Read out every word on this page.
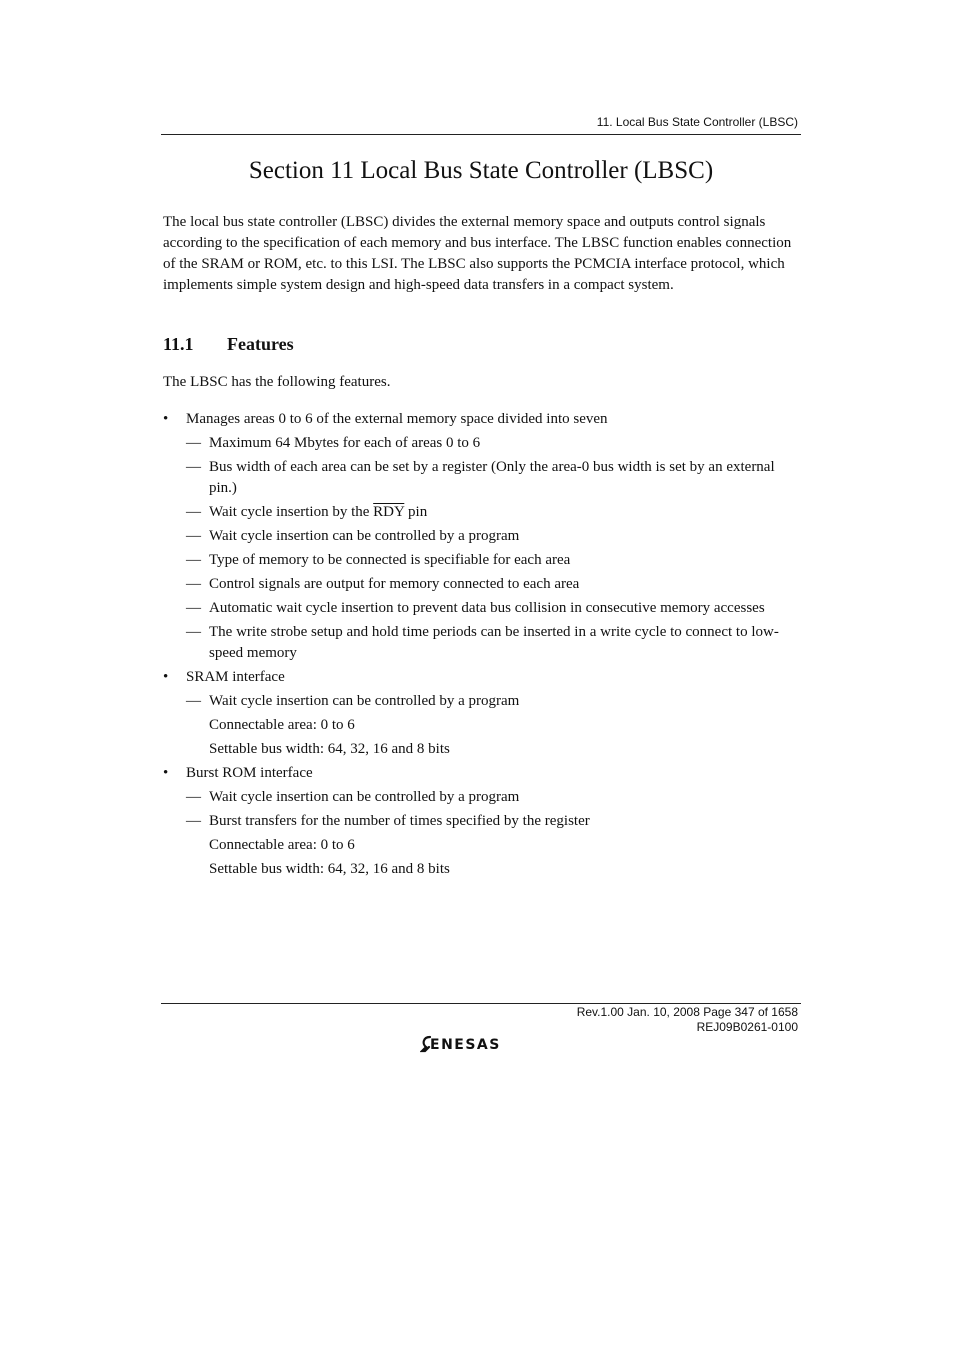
11. Local Bus State Controller (LBSC)
Section 11 Local Bus State Controller (LBSC)

The local bus state controller (LBSC) divides the external memory space and outputs control signals according to the specification of each memory and bus interface. The LBSC function enables connection of the SRAM or ROM, etc. to this LSI. The LBSC also supports the PCMCIA interface protocol, which implements simple system design and high-speed data transfers in a compact system.

11.1 Features

The LBSC has the following features.

• Manages areas 0 to 6 of the external memory space divided into seven
— Maximum 64 Mbytes for each of areas 0 to 6
— Bus width of each area can be set by a register (Only the area-0 bus width is set by an external pin.)
— Wait cycle insertion by the $\overline{RDY}$ pin
— Wait cycle insertion can be controlled by a program
— Type of memory to be connected is specifiable for each area
— Control signals are output for memory connected to each area
— Automatic wait cycle insertion to prevent data bus collision in consecutive memory accesses
— The write strobe setup and hold time periods can be inserted in a write cycle to connect to low-speed memory
• SRAM interface
— Wait cycle insertion can be controlled by a program
Connectable area: 0 to 6
Settable bus width: 64, 32, 16 and 8 bits
• Burst ROM interface
— Wait cycle insertion can be controlled by a program
— Burst transfers for the number of times specified by the register
Connectable area: 0 to 6
Settable bus width: 64, 32, 16 and 8 bits
Rev.1.00 Jan. 10, 2008 Page 347 of 1658
REJ09B0261-0100
ENESAS
